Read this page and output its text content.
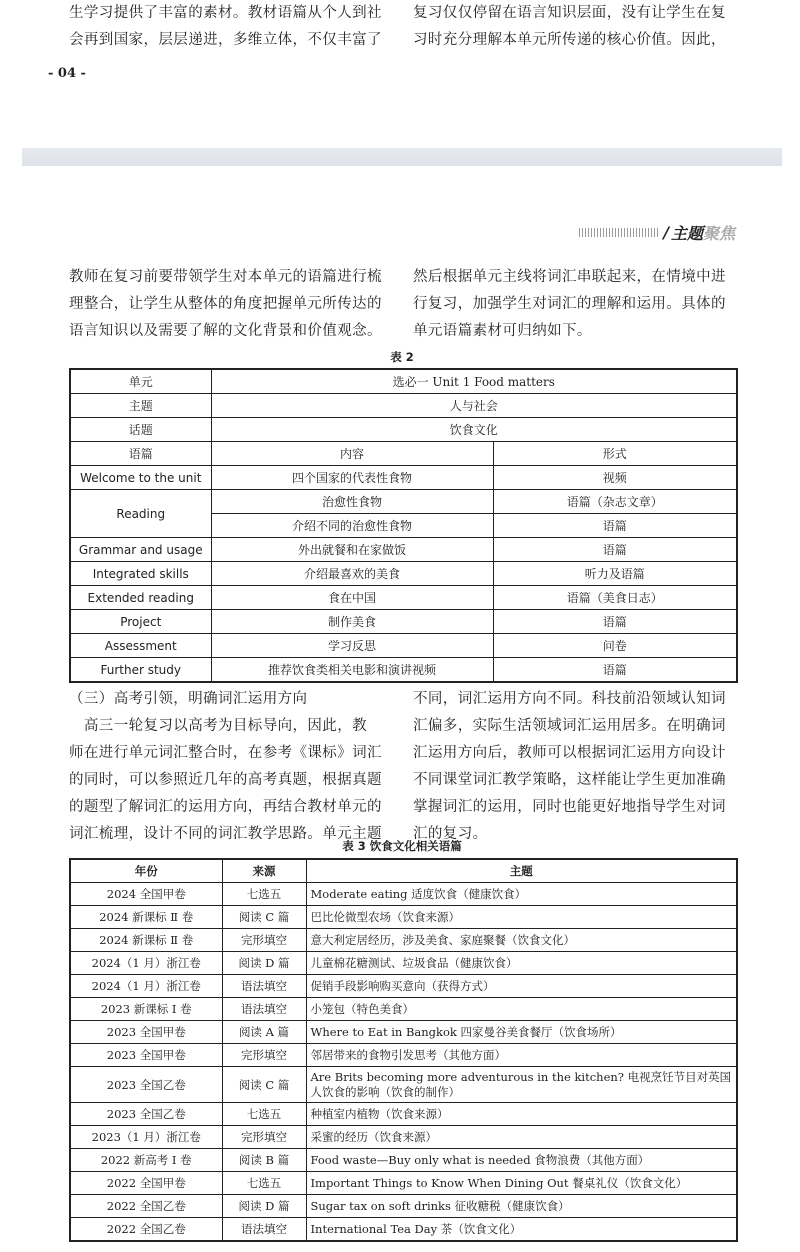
生学习提供了丰富的素材。教材语篇从个人到社
会再到国家，层层递进，多维立体，不仅丰富了
复习仅仅停留在语言知识层面，没有让学生在复
习时充分理解本单元所传递的核心价值。因此，
- 04 -
/ 主题 聚焦
教师在复习前要带领学生对本单元的语篇进行梳
理整合，让学生从整体的角度把握单元所传达的
语言知识以及需要了解的文化背景和价值观念。
然后根据单元主线将词汇串联起来，在情境中进
行复习，加强学生对词汇的理解和运用。具体的
单元语篇素材可归纳如下。
表 2
单元	选必一 Unit 1 Food matters	
主题	人与社会	
话题	饮食文化	
语篇	内容	形式
Welcome to the unit	四个国家的代表性食物	视频
Reading	治愈性食物	语篇（杂志文章）
	介绍不同的治愈性食物	语篇
Grammar and usage	外出就餐和在家做饭	语篇
Integrated skills	介绍最喜欢的美食	听力及语篇
Extended reading	食在中国	语篇（美食日志）
Project	制作美食	语篇
Assessment	学习反思	问卷
Further study	推荐饮食类相关电影和演讲视频	语篇
（三）高考引领，明确词汇运用方向
　高三一轮复习以高考为目标导向，因此，教
师在进行单元词汇整合时，在参考《课标》词汇
的同时，可以参照近几年的高考真题，根据真题
的题型了解词汇的运用方向，再结合教材单元的
词汇梳理，设计不同的词汇教学思路。单元主题
不同，词汇运用方向不同。科技前沿领域认知词
汇偏多，实际生活领域词汇运用居多。在明确词
汇运用方向后，教师可以根据词汇运用方向设计
不同课堂词汇教学策略，这样能让学生更加准确
掌握词汇的运用，同时也能更好地指导学生对词
汇的复习。
表 3 饮食文化相关语篇
年份	来源	主题
2024 全国甲卷	七选五	Moderate eating 适度饮食（健康饮食）
2024 新课标 Ⅱ 卷	阅读 C 篇	巴比伦微型农场（饮食来源）
2024 新课标 Ⅱ 卷	完形填空	意大利定居经历，涉及美食、家庭聚餐（饮食文化）
2024（1 月）浙江卷	阅读 D 篇	儿童棉花糖测试、垃圾食品（健康饮食）
2024（1 月）浙江卷	语法填空	促销手段影响购买意向（获得方式）
2023 新课标 Ⅰ 卷	语法填空	小笼包（特色美食）
2023 全国甲卷	阅读 A 篇	Where to Eat in Bangkok 四家曼谷美食餐厅（饮食场所）
2023 全国甲卷	完形填空	邻居带来的食物引发思考（其他方面）
2023 全国乙卷	阅读 C 篇	Are Brits becoming more adventurous in the kitchen? 电视烹饪节目对英国人饮食的影响（饮食的制作）
2023 全国乙卷	七选五	种植室内植物（饮食来源）
2023（1 月）浙江卷	完形填空	采蜜的经历（饮食来源）
2022 新高考 Ⅰ 卷	阅读 B 篇	Food waste—Buy only what is needed 食物浪费（其他方面）
2022 全国甲卷	七选五	Important Things to Know When Dining Out 餐桌礼仪（饮食文化）
2022 全国乙卷	阅读 D 篇	Sugar tax on soft drinks 征收糖税（健康饮食）
2022 全国乙卷	语法填空	International Tea Day 茶（饮食文化）
